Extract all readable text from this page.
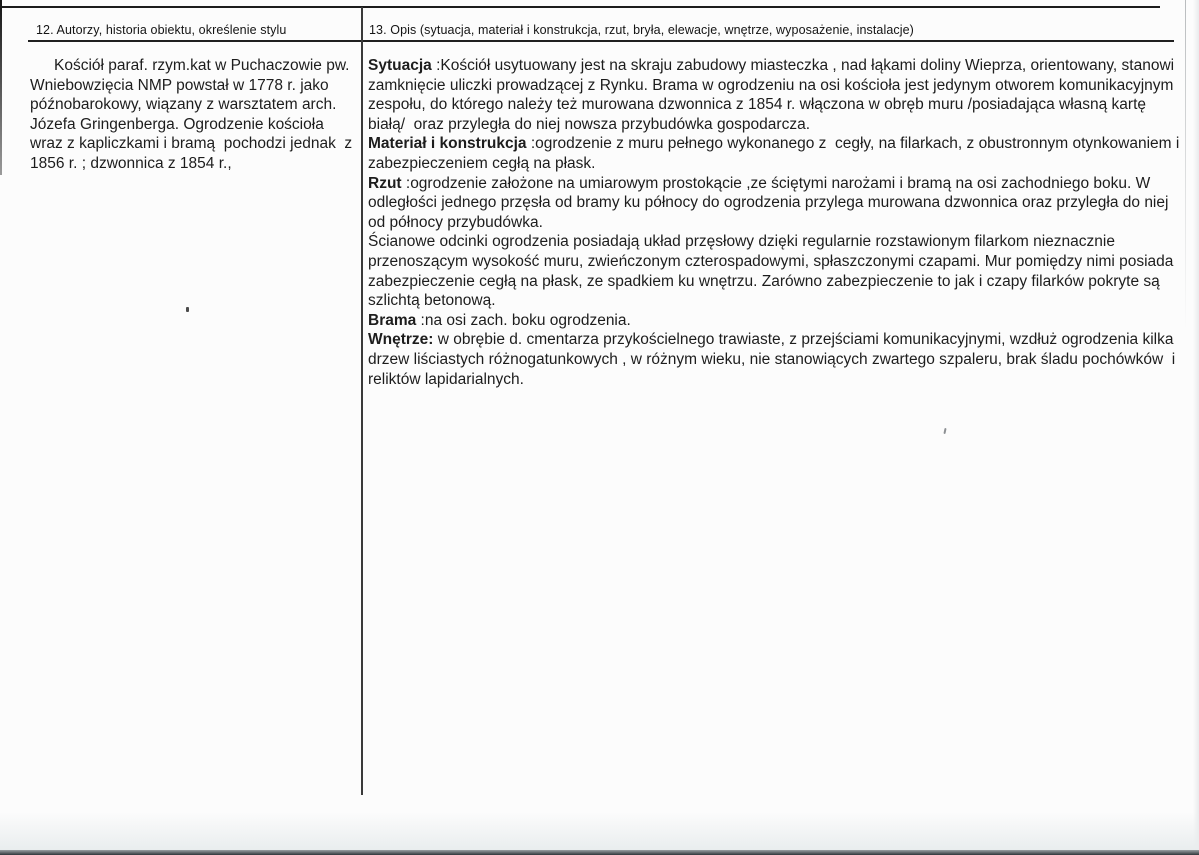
12. Autorzy, historia obiektu, określenie stylu	13. Opis (sytuacja, materiał i konstrukcja, rzut, bryła, elewacje, wnętrze, wyposażenie, instalacje)
Kościół paraf. rzym.kat w Puchaczowie pw. Wniebowzięcia NMP powstał w 1778 r. jako późnobarokowy, wiązany z warsztatem arch. Józefa Gringenberga. Ogrodzenie kościoła wraz z kapliczkami i bramą  pochodzi jednak  z 1856 r. ; dzwonnica z 1854 r.,

Sytuacja :Kościół usytuowany jest na skraju zabudowy miasteczka , nad łąkami doliny Wieprza, orientowany, stanowi zamknięcie uliczki prowadzącej z Rynku. Brama w ogrodzeniu na osi kościoła jest jedynym otworem komunikacyjnym zespołu, do którego należy też murowana dzwonnica z 1854 r. włączona w obręb muru /posiadająca własną kartę białą/  oraz przyległa do niej nowsza przybudówka gospodarcza.

Materiał i konstrukcja :ogrodzenie z muru pełnego wykonanego z  cegły, na filarkach, z obustronnym otynkowaniem i zabezpieczeniem cegłą na płask.

Rzut :ogrodzenie założone na umiarowym prostokącie ,ze ściętymi narożami i bramą na osi zachodniego boku. W odległości jednego przęsła od bramy ku północy do ogrodzenia przylega murowana dzwonnica oraz przyległa do niej od północy przybudówka.

Ścianowe odcinki ogrodzenia posiadają układ przęsłowy dzięki regularnie rozstawionym filarkom nieznacznie przenoszącym wysokość muru, zwieńczonym czterospadowymi, spłaszczonymi czapami. Mur pomiędzy nimi posiada zabezpieczenie cegłą na płask, ze spadkiem ku wnętrzu. Zarówno zabezpieczenie to jak i czapy filarków pokryte są szlichtą betonową.

Brama :na osi zach. boku ogrodzenia.

Wnętrze: w obrębie d. cmentarza przykościelnego trawiaste, z przejściami komunikacyjnymi, wzdłuż ogrodzenia kilka drzew liściastych różnogatunkowych , w różnym wieku, nie stanowiących zwartego szpaleru, brak śladu pochówków  i reliktów lapidarialnych.
